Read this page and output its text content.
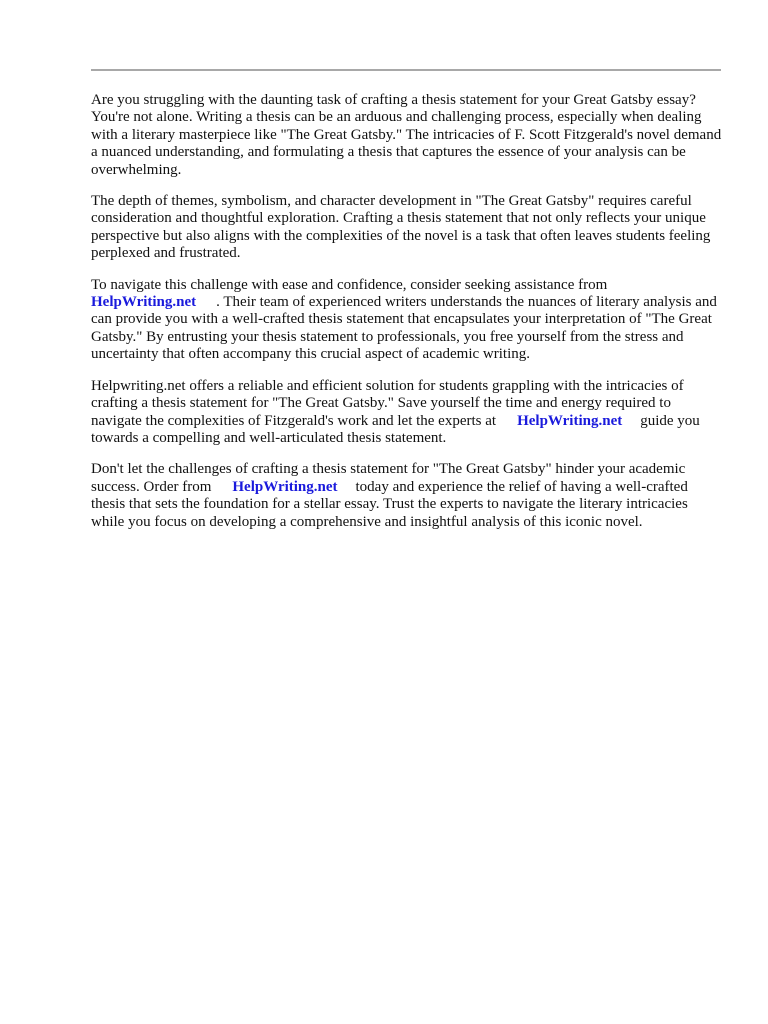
Are you struggling with the daunting task of crafting a thesis statement for your Great Gatsby essay? You're not alone. Writing a thesis can be an arduous and challenging process, especially when dealing with a literary masterpiece like "The Great Gatsby." The intricacies of F. Scott Fitzgerald's novel demand a nuanced understanding, and formulating a thesis that captures the essence of your analysis can be overwhelming.

The depth of themes, symbolism, and character development in "The Great Gatsby" requires careful consideration and thoughtful exploration. Crafting a thesis statement that not only reflects your unique perspective but also aligns with the complexities of the novel is a task that often leaves students feeling perplexed and frustrated.

To navigate this challenge with ease and confidence, consider seeking assistance from
HelpWriting.net . Their team of experienced writers understands the nuances of literary analysis and can provide you with a well-crafted thesis statement that encapsulates your interpretation of "The Great Gatsby." By entrusting your thesis statement to professionals, you free yourself from the stress and uncertainty that often accompany this crucial aspect of academic writing.

Helpwriting.net offers a reliable and efficient solution for students grappling with the intricacies of crafting a thesis statement for "The Great Gatsby." Save yourself the time and energy required to navigate the complexities of Fitzgerald's work and let the experts at HelpWriting.net guide you towards a compelling and well-articulated thesis statement.

Don't let the challenges of crafting a thesis statement for "The Great Gatsby" hinder your academic success. Order from HelpWriting.net today and experience the relief of having a well-crafted thesis that sets the foundation for a stellar essay. Trust the experts to navigate the literary intricacies while you focus on developing a comprehensive and insightful analysis of this iconic novel.
